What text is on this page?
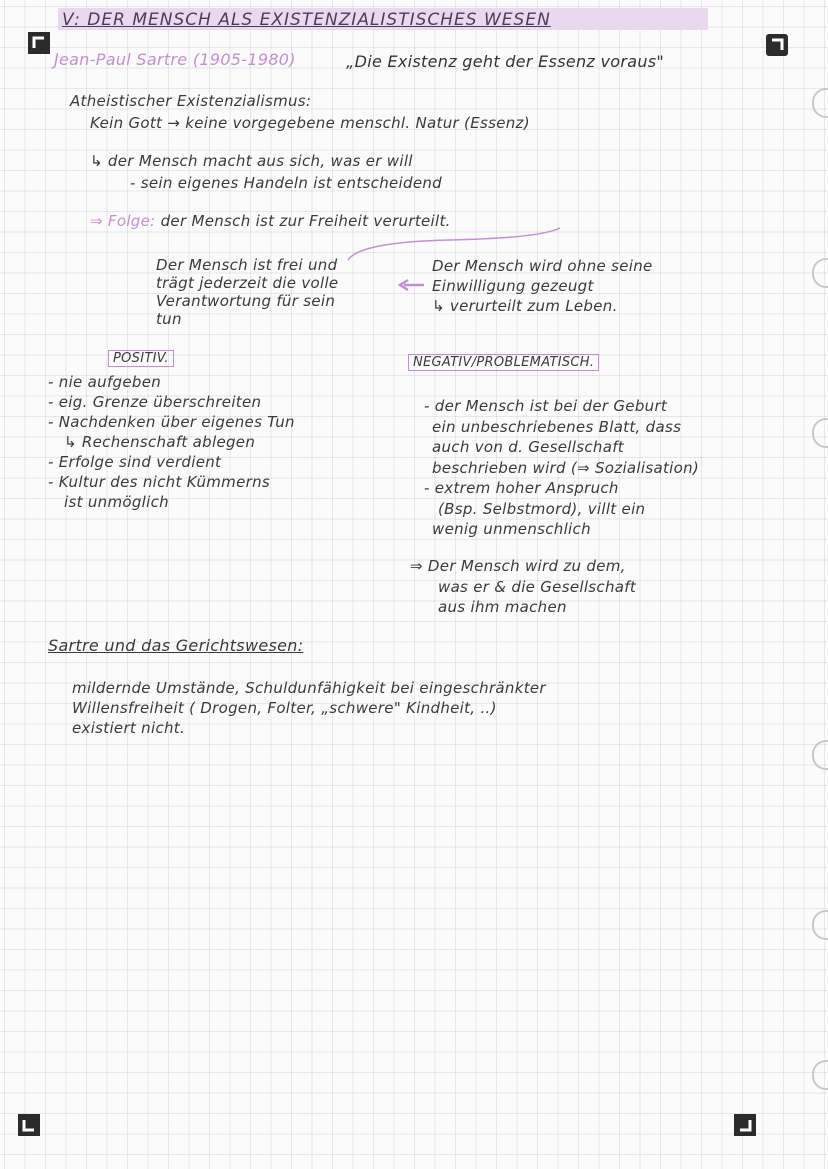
V: DER MENSCH ALS EXISTENZIALISTISCHES WESEN
Jean-Paul Sartre (1905-1980)	„Die Existenz geht der Essenz voraus"
Atheistischer Existenzialismus:
Kein Gott → keine vorgegebene menschl. Natur (Essenz)
↳ der Mensch macht aus sich, was er will
- sein eigenes Handeln ist entscheidend
⇒ Folge: der Mensch ist zur Freiheit verurteilt.
Der Mensch ist frei und
trägt jederzeit die volle
Verantwortung für sein
tun
Der Mensch wird ohne seine
Einwilligung gezeugt
↳ verurteilt zum Leben.
POSITIV.
- nie aufgeben
- eig. Grenze überschreiten
- Nachdenken über eigenes Tun
↳ Rechenschaft ablegen
- Erfolge sind verdient
- Kultur des nicht Kümmerns
ist unmöglich
NEGATIV/PROBLEMATISCH.
- der Mensch ist bei der Geburt
ein unbeschriebenes Blatt, dass
auch von d. Gesellschaft
beschrieben wird (⇒ Sozialisation)
- extrem hoher Anspruch
(Bsp. Selbstmord), villt ein
wenig unmenschlich
⇒ Der Mensch wird zu dem,
was er & die Gesellschaft
aus ihm machen
Sartre und das Gerichtswesen:
mildernde Umstände, Schuldunfähigkeit bei eingeschränkter
Willensfreiheit ( Drogen, Folter, „schwere" Kindheit, ..)
existiert nicht.
